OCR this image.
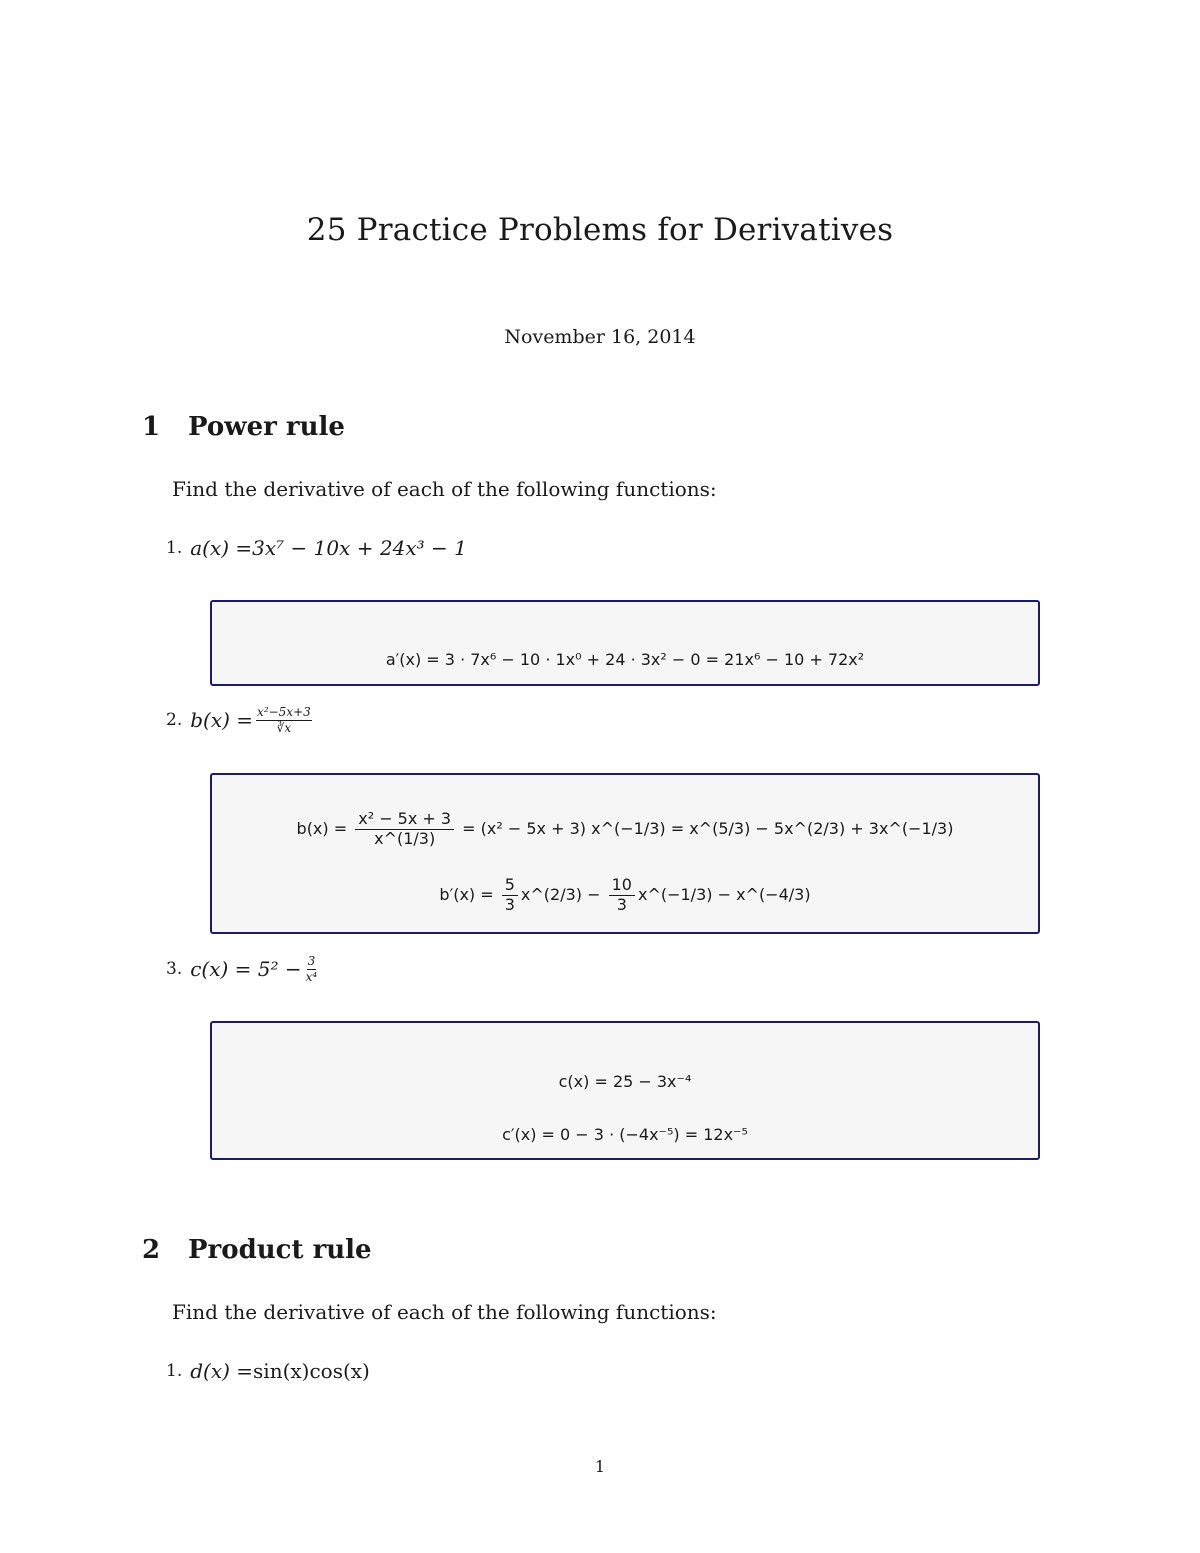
25 Practice Problems for Derivatives
November 16, 2014
1 Power rule
Find the derivative of each of the following functions:
1. a(x) = 3x⁷ − 10x + 24x³ − 1
a′(x) = 3 · 7x⁶ − 10 · 1x⁰ + 24 · 3x² − 0 = 21x⁶ − 10 + 72x²
2. $b(x) = \frac{\text{x²−5x+3}}{∛x}$
$b(x) = \frac{\text{x² − 5x + 3}}{x\^{}(1/3)} = (x^2 - 5x + 3)$ x^(−1/3) = x^(5/3) − 5x^(2/3) + 3x^(−1/3)
$b'(x) = \frac{5}{3}$ x^(2/3) − $\frac{10}{3}$ x^(−1/3) − x^(−4/3)
3. $c(x) = 5^2 - \frac{3}{\text{x⁴}}$
c(x) = 25 − 3x⁻⁴
c′(x) = 0 − 3 · (−4x⁻⁵) = 12x⁻⁵
2 Product rule
Find the derivative of each of the following functions:
1. d(x) = sin(x)cos(x)
1
